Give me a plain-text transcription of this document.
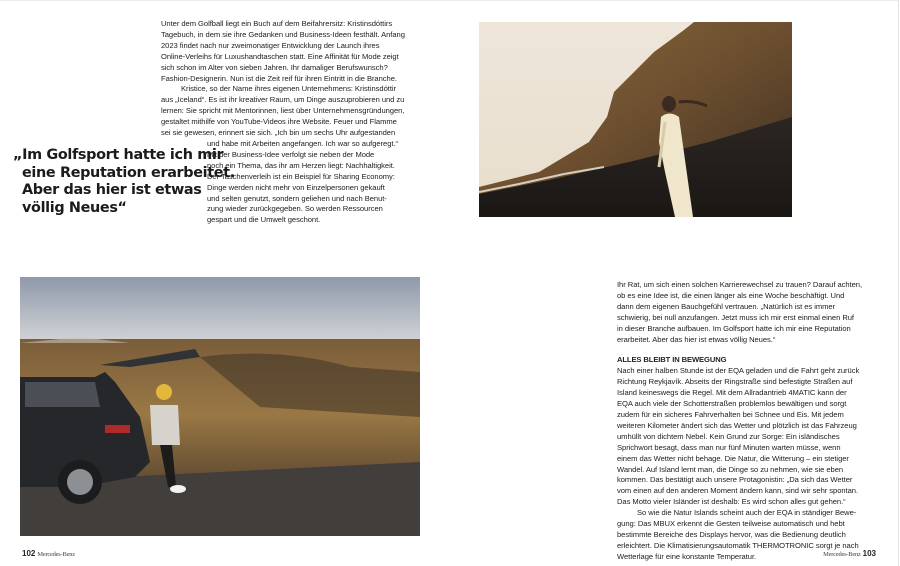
Unter dem Golfball liegt ein Buch auf dem Beifahrersitz: Kristinsdóttirs
Tagebuch, in dem sie ihre Gedanken und Business-Ideen festhält. Anfang
2023 findet nach nur zweimonatiger Entwicklung der Launch ihres
Online-Verleihs für Luxushandtaschen statt. Eine Affinität für Mode zeigt
sich schon im Alter von sieben Jahren. Ihr damaliger Berufswunsch?
Fashion-Designerin. Nun ist die Zeit reif für ihren Eintritt in die Branche.
Kristice, so der Name ihres eigenen Unternehmens: Kristinsdóttir
aus „Iceland“. Es ist ihr kreativer Raum, um Dinge auszuprobieren und zu
lernen: Sie spricht mit Mentorinnen, liest über Unternehmensgründungen,
gestaltet mithilfe von YouTube-Videos ihre Website. Feuer und Flamme
sei sie gewesen, erinnert sie sich. „Ich bin um sechs Uhr aufgestanden
und habe mit Arbeiten angefangen. Ich war so aufgeregt.“
Mit der Business-Idee verfolgt sie neben der Mode
noch ein Thema, das ihr am Herzen liegt: Nachhaltigkeit.
Der Taschenverleih ist ein Beispiel für Sharing Economy:
Dinge werden nicht mehr von Einzelpersonen gekauft
und selten genutzt, sondern geliehen und nach Benut-
zung wieder zurückgegeben. So werden Ressourcen
gespart und die Umwelt geschont.
„Im Golfsport hatte ich mir
eine Reputation erarbeitet.
Aber das hier ist etwas
völlig Neues“
Ihr Rat, um sich einen solchen Karrierewechsel zu trauen? Darauf achten,
ob es eine Idee ist, die einen länger als eine Woche beschäftigt. Und
dann dem eigenen Bauchgefühl vertrauen. „Natürlich ist es immer
schwierig, bei null anzufangen. Jetzt muss ich mir erst einmal einen Ruf
in dieser Branche aufbauen. Im Golfsport hatte ich mir eine Reputation
erarbeitet. Aber das hier ist etwas völlig Neues.“
ALLES BLEIBT IN BEWEGUNG
Nach einer halben Stunde ist der EQA geladen und die Fahrt geht zurück
Richtung Reykjavík. Abseits der Ringstraße sind befestigte Straßen auf
Island keineswegs die Regel. Mit dem Allradantrieb 4MATIC kann der
EQA auch viele der Schotterstraßen problemlos bewältigen und sorgt
zudem für ein sicheres Fahrverhalten bei Schnee und Eis. Mit jedem
weiteren Kilometer ändert sich das Wetter und plötzlich ist das Fahrzeug
umhüllt von dichtem Nebel. Kein Grund zur Sorge: Ein isländisches
Sprichwort besagt, dass man nur fünf Minuten warten müsse, wenn
einem das Wetter nicht behage. Die Natur, die Witterung – ein stetiger
Wandel. Auf Island lernt man, die Dinge so zu nehmen, wie sie eben
kommen. Das bestätigt auch unsere Protagonistin: „Da sich das Wetter
vom einen auf den anderen Moment ändern kann, sind wir sehr spontan.
Das Motto vieler Isländer ist deshalb: Es wird schon alles gut gehen.“
So wie die Natur Islands scheint auch der EQA in ständiger Bewe-
gung: Das MBUX erkennt die Gesten teilweise automatisch und hebt
bestimmte Bereiche des Displays hervor, was die Bedienung deutlich
erleichtert. Die Klimatisierungsautomatik THERMOTRONIC sorgt je nach
Wetterlage für eine konstante Temperatur.
102 Mercedes-Benz	Mercedes-Benz 103
